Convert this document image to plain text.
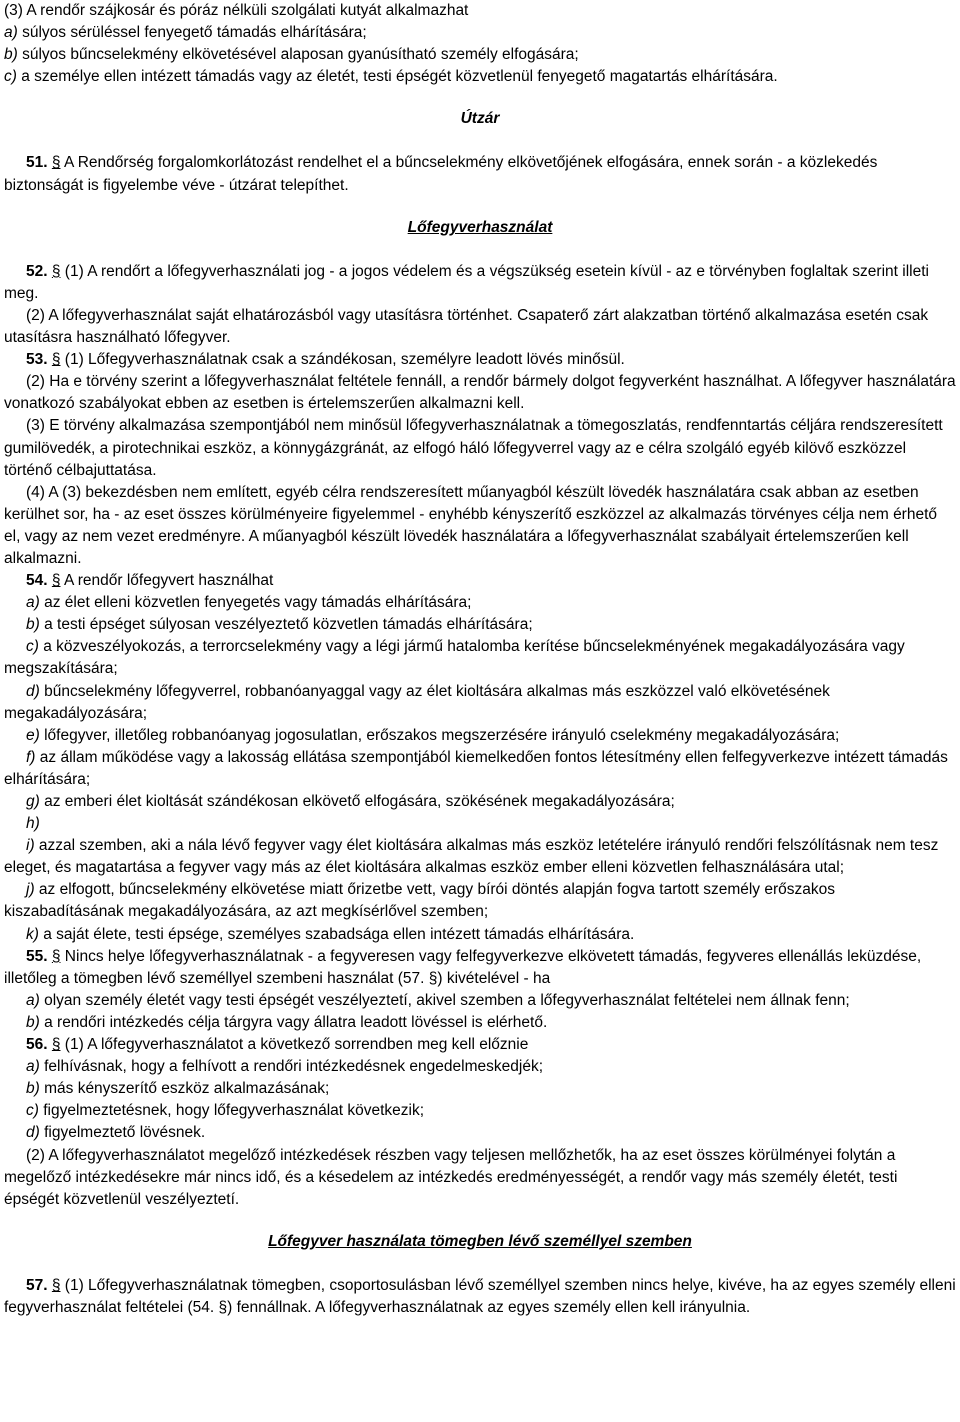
(3) A rendőr szájkosár és póráz nélküli szolgálati kutyát alkalmazhat

a) súlyos sérüléssel fenyegető támadás elhárítására;

b) súlyos bűncselekmény elkövetésével alaposan gyanúsítható személy elfogására;

c) a személye ellen intézett támadás vagy az életét, testi épségét közvetlenül fenyegető magatartás elhárítására.

Útzár

51. § A Rendőrség forgalomkorlátozást rendelhet el a bűncselekmény elkövetőjének elfogására, ennek során - a közlekedés biztonságát is figyelembe véve - útzárat telepíthet.

Lőfegyverhasználat

52. § (1) A rendőrt a lőfegyverhasználati jog - a jogos védelem és a végszükség esetein kívül - az e törvényben foglaltak szerint illeti meg.

(2) A lőfegyverhasználat saját elhatározásból vagy utasításra történhet. Csapaterő zárt alakzatban történő alkalmazása esetén csak utasításra használható lőfegyver.

53. § (1) Lőfegyverhasználatnak csak a szándékosan, személyre leadott lövés minősül.

(2) Ha e törvény szerint a lőfegyverhasználat feltétele fennáll, a rendőr bármely dolgot fegyverként használhat. A lőfegyver használatára vonatkozó szabályokat ebben az esetben is értelemszerűen alkalmazni kell.

(3) E törvény alkalmazása szempontjából nem minősül lőfegyverhasználatnak a tömegoszlatás, rendfenntartás céljára rendszeresített gumilövedék, a pirotechnikai eszköz, a könnygázgránát, az elfogó háló lőfegyverrel vagy az e célra szolgáló egyéb kilövő eszközzel történő célbajuttatása.

(4) A (3) bekezdésben nem említett, egyéb célra rendszeresített műanyagból készült lövedék használatára csak abban az esetben kerülhet sor, ha - az eset összes körülményeire figyelemmel - enyhébb kényszerítő eszközzel az alkalmazás törvényes célja nem érhető el, vagy az nem vezet eredményre. A műanyagból készült lövedék használatára a lőfegyverhasználat szabályait értelemszerűen kell alkalmazni.

54. § A rendőr lőfegyvert használhat

a) az élet elleni közvetlen fenyegetés vagy támadás elhárítására;

b) a testi épséget súlyosan veszélyeztető közvetlen támadás elhárítására;

c) a közveszélyokozás, a terrorcselekmény vagy a légi jármű hatalomba kerítése bűncselekményének megakadályozására vagy megszakítására;

d) bűncselekmény lőfegyverrel, robbanóanyaggal vagy az élet kioltására alkalmas más eszközzel való elkövetésének megakadályozására;

e) lőfegyver, illetőleg robbanóanyag jogosulatlan, erőszakos megszerzésére irányuló cselekmény megakadályozására;

f) az állam működése vagy a lakosság ellátása szempontjából kiemelkedően fontos létesítmény ellen felfegyverkezve intézett támadás elhárítására;

g) az emberi élet kioltását szándékosan elkövető elfogására, szökésének megakadályozására;

h)

i) azzal szemben, aki a nála lévő fegyver vagy élet kioltására alkalmas más eszköz letételére irányuló rendőri felszólításnak nem tesz eleget, és magatartása a fegyver vagy más az élet kioltására alkalmas eszköz ember elleni közvetlen felhasználására utal;

j) az elfogott, bűncselekmény elkövetése miatt őrizetbe vett, vagy bírói döntés alapján fogva tartott személy erőszakos kiszabadításának megakadályozására, az azt megkísérlővel szemben;

k) a saját élete, testi épsége, személyes szabadsága ellen intézett támadás elhárítására.

55. § Nincs helye lőfegyverhasználatnak - a fegyveresen vagy felfegyverkezve elkövetett támadás, fegyveres ellenállás leküzdése, illetőleg a tömegben lévő személlyel szembeni használat (57. §) kivételével - ha

a) olyan személy életét vagy testi épségét veszélyeztetí, akivel szemben a lőfegyverhasználat feltételei nem állnak fenn;

b) a rendőri intézkedés célja tárgyra vagy állatra leadott lövéssel is elérhető.

56. § (1) A lőfegyverhasználatot a következő sorrendben meg kell előznie

a) felhívásnak, hogy a felhívott a rendőri intézkedésnek engedelmeskedjék;

b) más kényszerítő eszköz alkalmazásának;

c) figyelmeztetésnek, hogy lőfegyverhasználat következik;

d) figyelmeztető lövésnek.

(2) A lőfegyverhasználatot megelőző intézkedések részben vagy teljesen mellőzhetők, ha az eset összes körülményei folytán a megelőző intézkedésekre már nincs idő, és a késedelem az intézkedés eredményességét, a rendőr vagy más személy életét, testi épségét közvetlenül veszélyeztetí.

Lőfegyver használata tömegben lévő személlyel szemben

57. § (1) Lőfegyverhasználatnak tömegben, csoportosulásban lévő személlyel szemben nincs helye, kivéve, ha az egyes személy elleni fegyverhasználat feltételei (54. §) fennállnak. A lőfegyverhasználatnak az egyes személy ellen kell irányulnia.
